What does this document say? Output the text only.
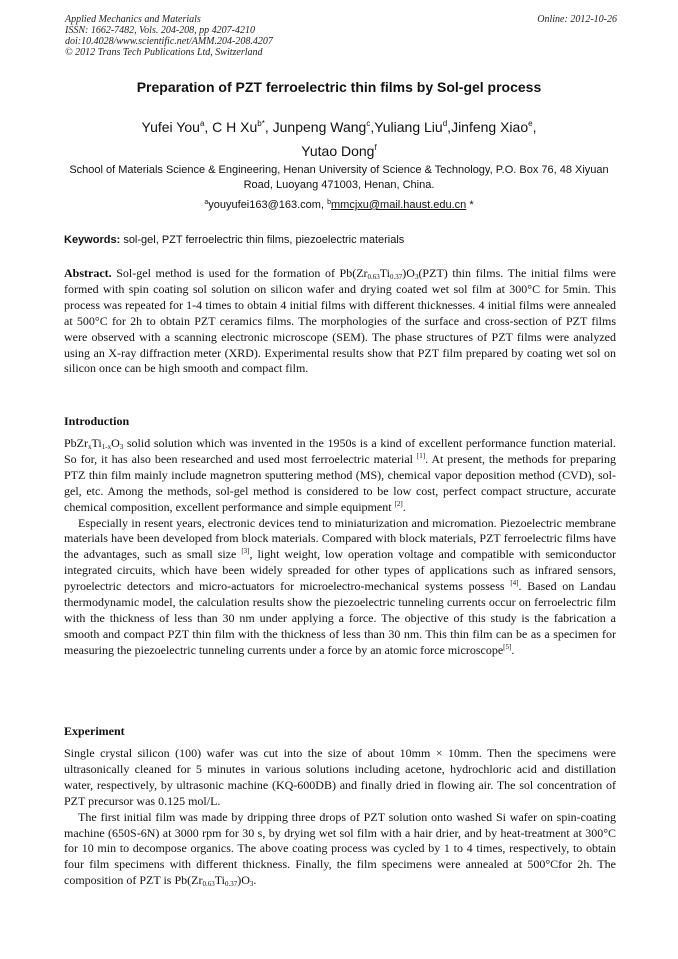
Applied Mechanics and Materials
ISSN: 1662-7482, Vols. 204-208, pp 4207-4210
doi:10.4028/www.scientific.net/AMM.204-208.4207
© 2012 Trans Tech Publications Ltd, Switzerland
Online: 2012-10-26
Preparation of PZT ferroelectric thin films by Sol-gel process
Yufei You$^a$, C H $Xu^{b*}$, Junpeng Wang$^c$,Yuliang Liu$^d$,Jinfeng Xiao$^e$,
Yutao Dong$^f$
School of Materials Science & Engineering, Henan University of Science & Technology, P.O. Box 76, 48 Xiyuan Road, Luoyang 471003, Henan, China.
$^a$youyufei163@163.com, $^b$mmcjxu@mail.haust.edu.cn *
Keywords: sol-gel, PZT ferroelectric thin films, piezoelectric materials

Abstract. Sol-gel method is used for the formation of $Pb(Zr_{0.63}Ti_{0.37})O_3(PZT)$ thin films. The initial films were formed with spin coating sol solution on silicon wafer and drying coated wet sol film at 300°C for 5min. This process was repeated for 1-4 times to obtain 4 initial films with different thicknesses. 4 initial films were annealed at 500°C for 2h to obtain PZT ceramics films. The morphologies of the surface and cross-section of PZT films were observed with a scanning electronic microscope (SEM). The phase structures of PZT films were analyzed using an X-ray diffraction meter (XRD). Experimental results show that PZT film prepared by coating wet sol on silicon once can be high smooth and compact film.

Introduction

$PbZr_xTi_{1-x}O_3$ solid solution which was invented in the 1950s is a kind of excellent performance function material. So for, it has also been researched and used most ferroelectric material [1]. At present, the methods for preparing PTZ thin film mainly include magnetron sputtering method (MS), chemical vapor deposition method (CVD), sol-gel, etc. Among the methods, sol-gel method is considered to be low cost, perfect compact structure, accurate chemical composition, excellent performance and simple equipment [2].

Especially in resent years, electronic devices tend to miniaturization and micromation. Piezoelectric membrane materials have been developed from block materials. Compared with block materials, PZT ferroelectric films have the advantages, such as small size [3], light weight, low operation voltage and compatible with semiconductor integrated circuits, which have been widely spreaded for other types of applications such as infrared sensors, pyroelectric detectors and micro-actuators for microelectro-mechanical systems possess [4]. Based on Landau thermodynamic model, the calculation results show the piezoelectric tunneling currents occur on ferroelectric film with the thickness of less than 30 nm under applying a force. The objective of this study is the fabrication a smooth and compact PZT thin film with the thickness of less than 30 nm. This thin film can be as a specimen for measuring the piezoelectric tunneling currents under a force by an atomic force microscope[5].

Experiment

Single crystal silicon (100) wafer was cut into the size of about 10mm × 10mm. Then the specimens were ultrasonically cleaned for 5 minutes in various solutions including acetone, hydrochloric acid and distillation water, respectively, by ultrasonic machine (KQ-600DB) and finally dried in flowing air. The sol concentration of PZT precursor was 0.125 mol/L.

The first initial film was made by dripping three drops of PZT solution onto washed Si wafer on spin-coating machine (650S-6N) at 3000 rpm for 30 s, by drying wet sol film with a hair drier, and by heat-treatment at 300°C for 10 min to decompose organics. The above coating process was cycled by 1 to 4 times, respectively, to obtain four film specimens with different thickness. Finally, the film specimens were annealed at 500°Cfor 2h. The composition of PZT is $Pb(Zr_{0.63}Ti_{0.37})O_3$.
